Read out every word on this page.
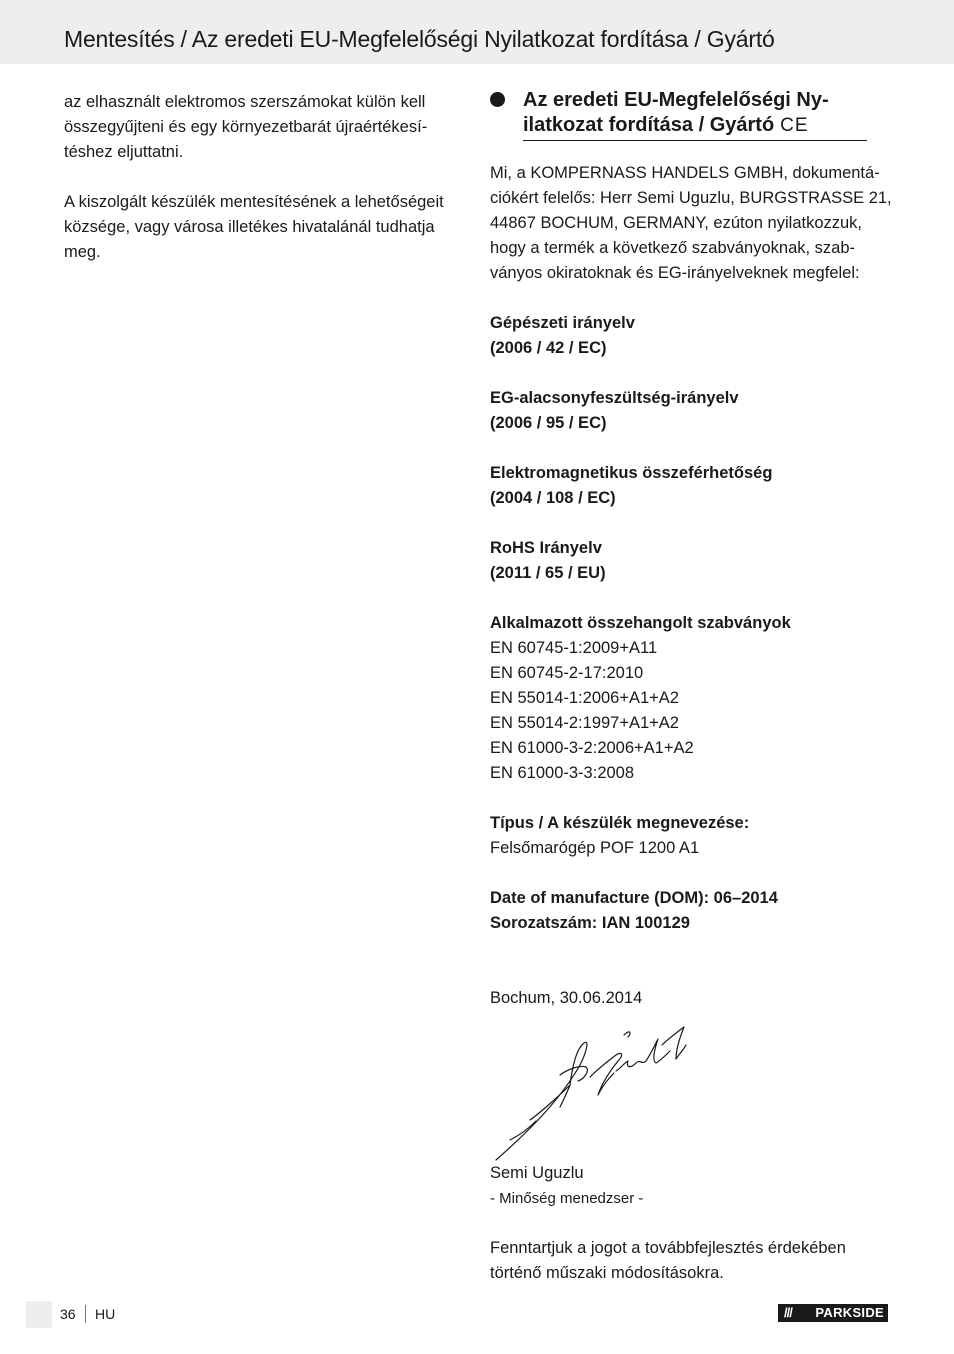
Mentesítés / Az eredeti EU-Megfelelőségi Nyilatkozat fordítása / Gyártó

az elhasznált elektromos szerszámokat külön kell
összegyűjteni és egy környezetbarát újraértékesí-
téshez eljuttatni.

A kiszolgált készülék mentesítésének a lehetőségeit
községe, vagy városa illetékes hivatalánál tudhatja
meg.

Az eredeti EU-Megfelelőségi Ny-
ilatkozat fordítása / Gyártó CE

Mi, a KOMPERNASS HANDELS GMBH, dokumentá-
ciókért felelős: Herr Semi Uguzlu, BURGSTRASSE 21,
44867 BOCHUM, GERMANY, ezúton nyilatkozzuk,
hogy a termék a következő szabványoknak, szab-
ványos okiratoknak és EG-irányelveknek megfelel:

Gépészeti irányelv
(2006 / 42 / EC)

EG-alacsonyfeszültség-irányelv
(2006 / 95 / EC)

Elektromagnetikus összeférhetőség
(2004 / 108 / EC)

RoHS Irányelv
(2011 / 65 / EU)

Alkalmazott összehangolt szabványok
EN 60745-1:2009+A11
EN 60745-2-17:2010
EN 55014-1:2006+A1+A2
EN 55014-2:1997+A1+A2
EN 61000-3-2:2006+A1+A2
EN 61000-3-3:2008

Típus / A készülék megnevezése:
Felsőmarógép POF 1200 A1

Date of manufacture (DOM): 06–2014
Sorozatszám: IAN 100129

Bochum, 30.06.2014

Semi Uguzlu
- Minőség menedzser -

Fenntartjuk a jogot a továbbfejlesztés érdekében
történő műszaki módosításokra.

36 HU	/// PARKSIDE
